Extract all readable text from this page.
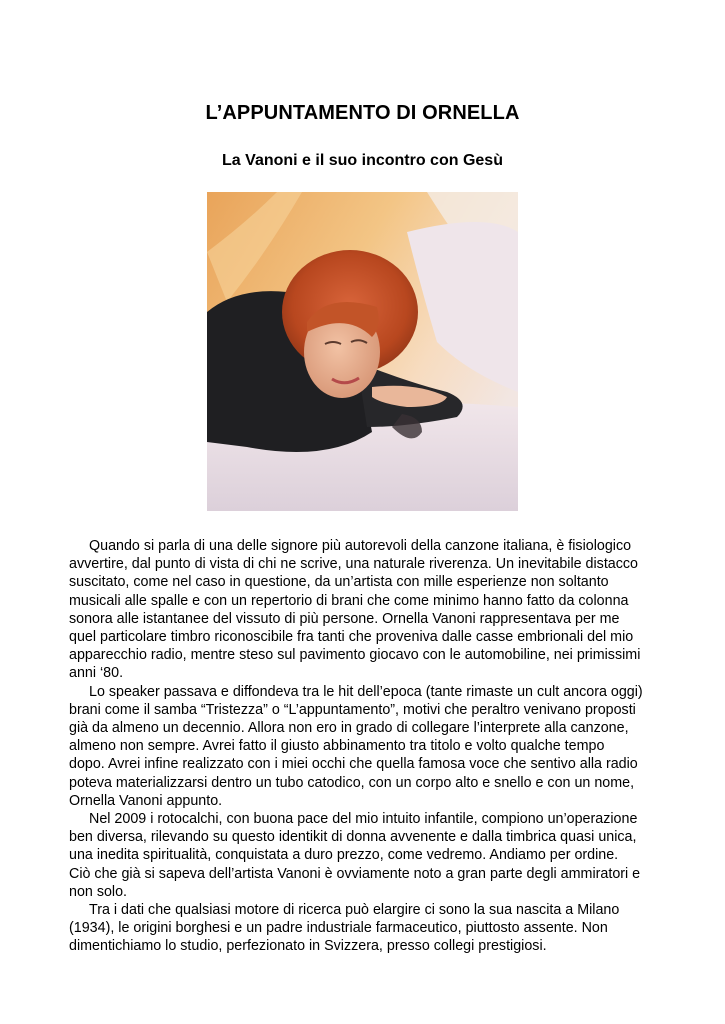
L’APPUNTAMENTO DI ORNELLA
La Vanoni e il suo incontro con Gesù

Quando si parla di una delle signore più autorevoli della canzone italiana, è fisiologico
avvertire, dal punto di vista di chi ne scrive, una naturale riverenza. Un inevitabile distacco
suscitato, come nel caso in questione, da un’artista con mille esperienze non soltanto
musicali alle spalle e con un repertorio di brani che come minimo hanno fatto da colonna
sonora alle istantanee del vissuto di più persone. Ornella Vanoni rappresentava per me
quel particolare timbro riconoscibile fra tanti che proveniva dalle casse embrionali del mio
apparecchio radio, mentre steso sul pavimento giocavo con le automobiline, nei primissimi
anni ‘80.

Lo speaker passava e diffondeva tra le hit dell’epoca (tante rimaste un cult ancora oggi)
brani come il samba “Tristezza” o “L’appuntamento”, motivi che peraltro venivano proposti
già da almeno un decennio. Allora non ero in grado di collegare l’interprete alla canzone,
almeno non sempre. Avrei fatto il giusto abbinamento tra titolo e volto qualche tempo
dopo. Avrei infine realizzato con i miei occhi che quella famosa voce che sentivo alla radio
poteva materializzarsi dentro un tubo catodico, con un corpo alto e snello e con un nome,
Ornella Vanoni appunto.

Nel 2009 i rotocalchi, con buona pace del mio intuito infantile, compiono un’operazione
ben diversa, rilevando su questo identikit di donna avvenente e dalla timbrica quasi unica,
una inedita spiritualità, conquistata a duro prezzo, come vedremo. Andiamo per ordine.
Ciò che già si sapeva dell’artista Vanoni è ovviamente noto a gran parte degli ammiratori e
non solo.

Tra i dati che qualsiasi motore di ricerca può elargire ci sono la sua nascita a Milano
(1934), le origini borghesi e un padre industriale farmaceutico, piuttosto assente. Non
dimentichiamo lo studio, perfezionato in Svizzera, presso collegi prestigiosi.
